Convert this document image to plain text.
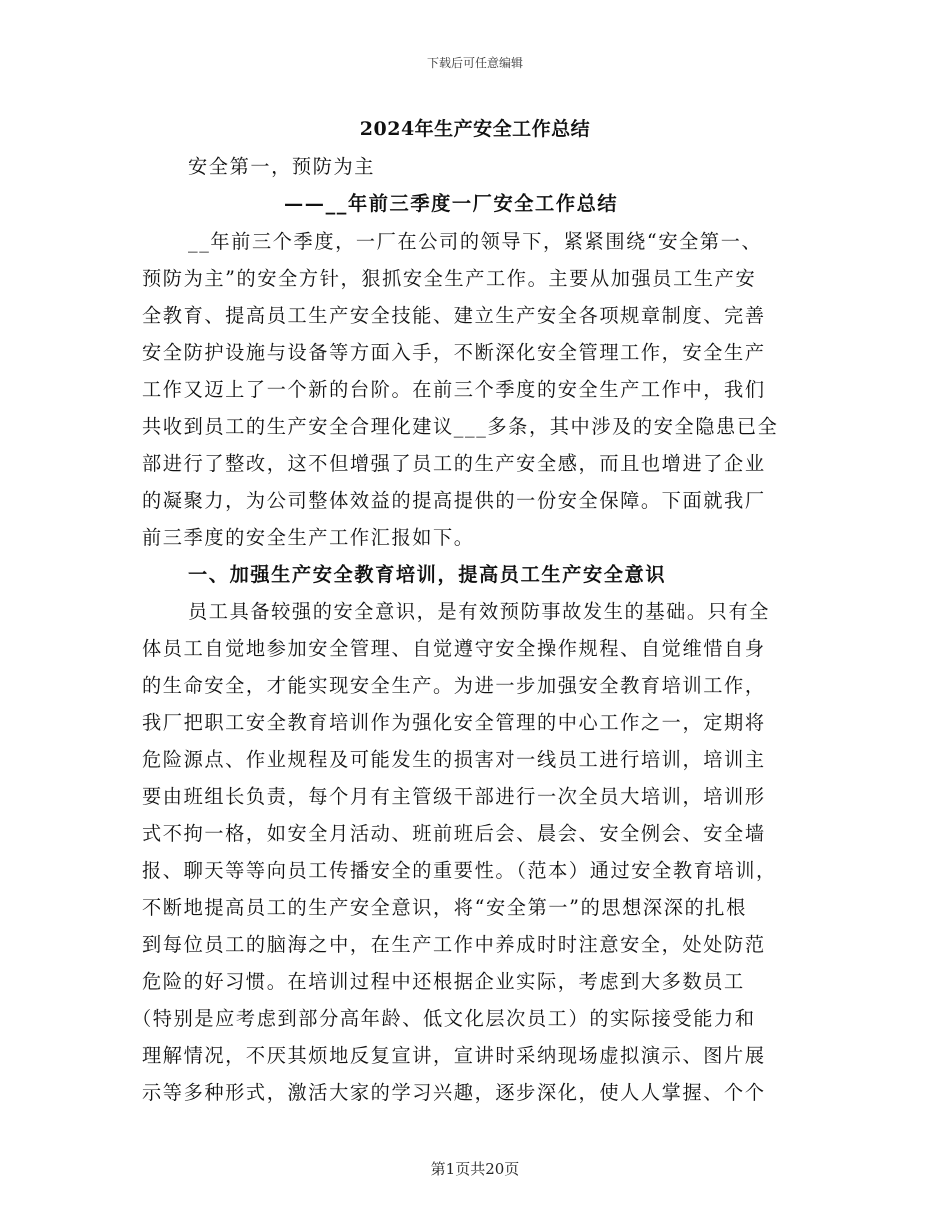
下载后可任意编辑
2024年生产安全工作总结
安全第一，预防为主
——__年前三季度一厂安全工作总结
__年前三个季度，一厂在公司的领导下，紧紧围绕“安全第一、
预防为主”的安全方针，狠抓安全生产工作。主要从加强员工生产安
全教育、提高员工生产安全技能、建立生产安全各项规章制度、完善
安全防护设施与设备等方面入手，不断深化安全管理工作，安全生产
工作又迈上了一个新的台阶。在前三个季度的安全生产工作中，我们
共收到员工的生产安全合理化建议___多条，其中涉及的安全隐患已全
部进行了整改，这不但增强了员工的生产安全感，而且也增进了企业
的凝聚力，为公司整体效益的提高提供的一份安全保障。下面就我厂
前三季度的安全生产工作汇报如下。
一、加强生产安全教育培训，提高员工生产安全意识
员工具备较强的安全意识，是有效预防事故发生的基础。只有全
体员工自觉地参加安全管理、自觉遵守安全操作规程、自觉维惜自身
的生命安全，才能实现安全生产。为进一步加强安全教育培训工作，
我厂把职工安全教育培训作为强化安全管理的中心工作之一，定期将
危险源点、作业规程及可能发生的损害对一线员工进行培训，培训主
要由班组长负责，每个月有主管级干部进行一次全员大培训，培训形
式不拘一格，如安全月活动、班前班后会、晨会、安全例会、安全墙
报、聊天等等向员工传播安全的重要性。（范本）通过安全教育培训，
不断地提高员工的生产安全意识，将“安全第一”的思想深深的扎根
到每位员工的脑海之中，在生产工作中养成时时注意安全，处处防范
危险的好习惯。在培训过程中还根据企业实际，考虑到大多数员工
（特别是应考虑到部分高年龄、低文化层次员工）的实际接受能力和
理解情况，不厌其烦地反复宣讲，宣讲时采纳现场虚拟演示、图片展
示等多种形式，激活大家的学习兴趣，逐步深化，使人人掌握、个个
第1页共20页
